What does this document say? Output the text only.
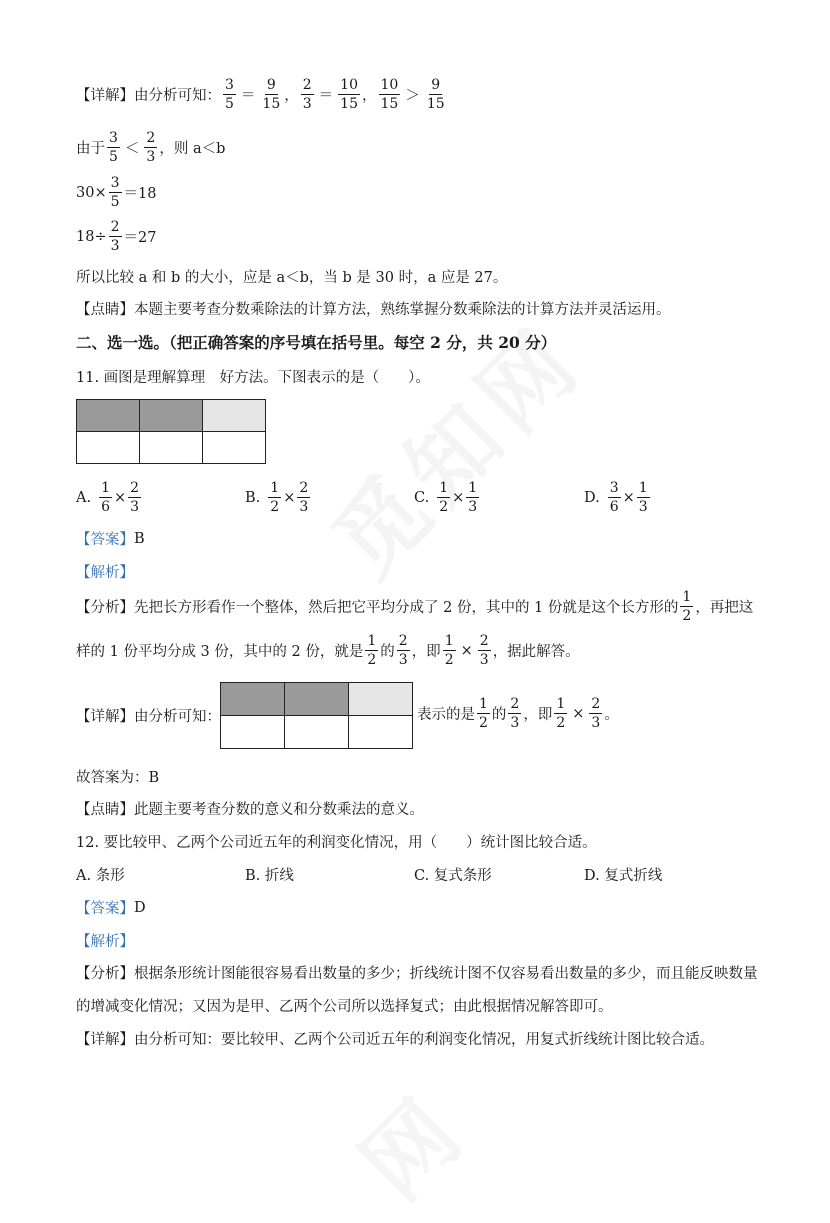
【详解】 由分析可知： $\frac{3}{5} = \frac{9}{15}$ ， $\frac{2}{3} = \frac{10}{15}$ ， $\frac{10}{15} > \frac{9}{15}$
由于 $\frac{3}{5} < \frac{2}{3}$ ，则 a＜b
$30\times \frac{3}{5} =18$
$18\div \frac{2}{3} =27$
所以比较 a 和 b 的大小，应是 a＜b，当 b 是 30 时，a 应是 27。
【点睛】 本题主要考查分数乘除法的计算方法，熟练掌握分数乘除法的计算方法并灵活运用。
二、选一选。（把正确答案的序号填在括号里。每空 2 分，共 20 分）
11. 画图是理解算理　好方法。下图表示的是（　　）。

A. $\frac{1}{6} \times \frac{2}{3}$	B. $\frac{1}{2} \times \frac{2}{3}$	C. $\frac{1}{2} \times \frac{1}{3}$	D. $\frac{3}{6} \times \frac{1}{3}$
【答案】 B
【解析】
【分析】 先把长方形看作一个整体，然后把它平均分成了 2 份，其中的 1 份就是这个长方形的 $\frac{1}{2}$ ，再把这
样的 1 份平均分成 3 份，其中的 2 份，就是 $\frac{1}{2}$ 的 $\frac{2}{3}$ ，即 $\frac{1}{2} \times \frac{2}{3}$ ，据此解答。
【详解】 由分析可知：

			表示的是 $\frac{1}{2}$ 的 $\frac{2}{3}$ ，即 $\frac{1}{2} \times \frac{2}{3}$ 。
故答案为：B
【点睛】 此题主要考查分数的意义和分数乘法的意义。
12. 要比较甲、乙两个公司近五年的利润变化情况，用（　　）统计图比较合适。
A. 条形	B. 折线	C. 复式条形	D. 复式折线
【答案】 D
【解析】
【分析】 根据条形统计图能很容易看出数量的多少；折线统计图不仅容易看出数量的多少，而且能反映数量
的增减变化情况；又因为是甲、乙两个公司所以选择复式；由此根据情况解答即可。
【详解】 由分析可知：要比较甲、乙两个公司近五年的利润变化情况，用复式折线统计图比较合适。
